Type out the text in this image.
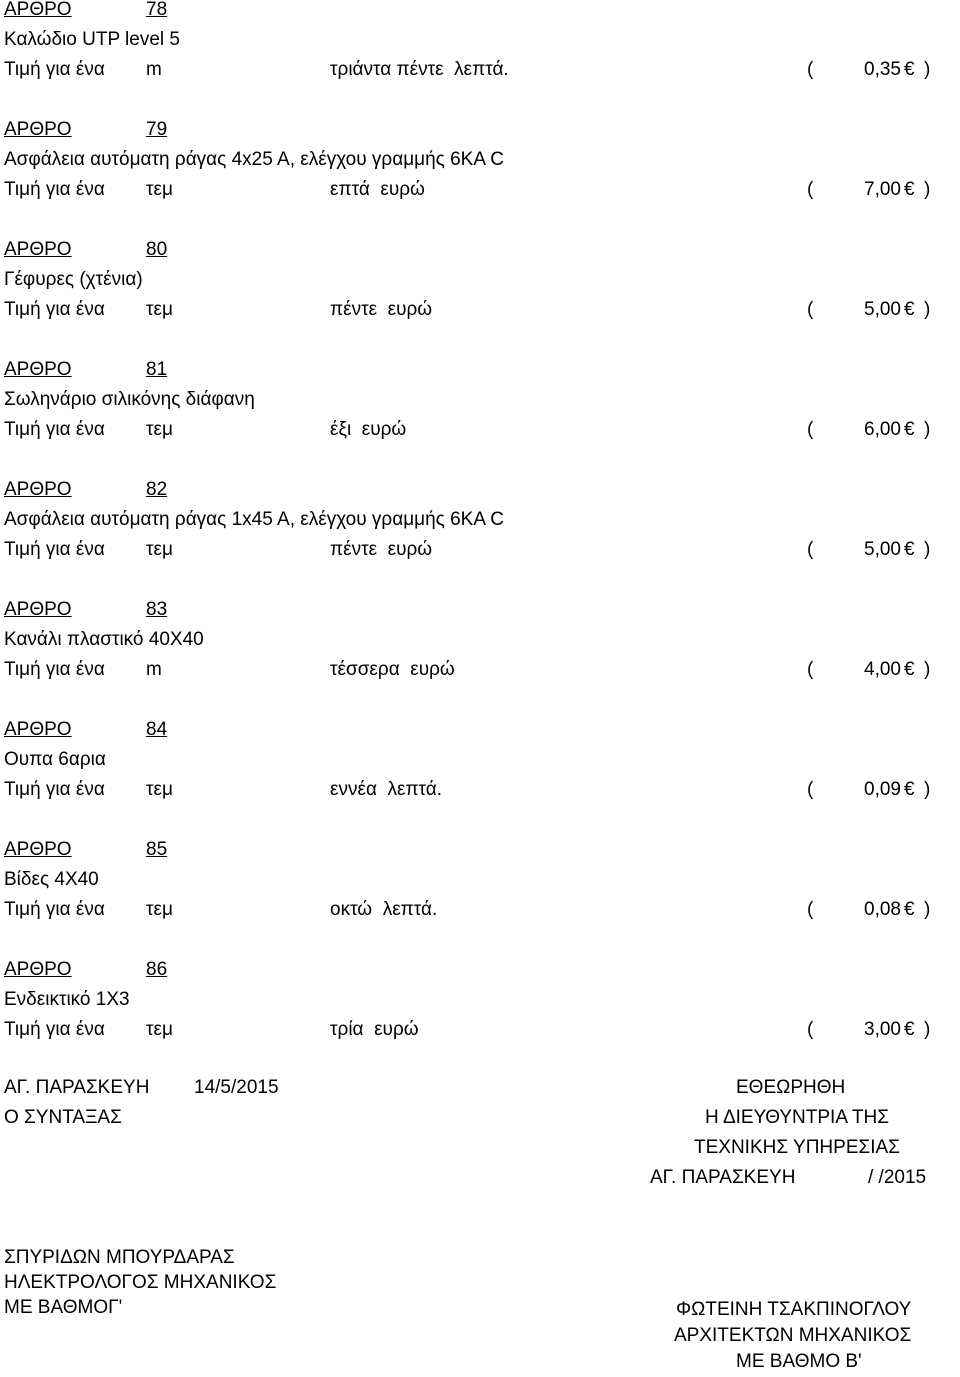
ΑΡΘΡΟ	78
Καλώδιο UTP level 5
Τιμή για ένα m	τριάντα πέντε  λεπτά.	(	0,35 € )
ΑΡΘΡΟ	79
Ασφάλεια αυτόματη ράγας 4x25 A, ελέγχου γραμμής 6KA C
Τιμή για ένα τεμ	επτά  ευρώ	(	7,00 € )
ΑΡΘΡΟ	80
Γέφυρες (χτένια)
Τιμή για ένα τεμ	πέντε  ευρώ	(	5,00 € )
ΑΡΘΡΟ	81
Σωληνάριο σιλικόνης διάφανη
Τιμή για ένα τεμ	έξι  ευρώ	(	6,00 € )
ΑΡΘΡΟ	82
Ασφάλεια αυτόματη ράγας 1x45 A, ελέγχου γραμμής 6KA C
Τιμή για ένα τεμ	πέντε  ευρώ	(	5,00 € )
ΑΡΘΡΟ	83
Κανάλι πλαστικό 40Χ40
Τιμή για ένα m	τέσσερα  ευρώ	(	4,00 € )
ΑΡΘΡΟ	84
Ουπα 6αρια
Τιμή για ένα τεμ	εννέα  λεπτά.	(	0,09 € )
ΑΡΘΡΟ	85
Βίδες 4Χ40
Τιμή για ένα τεμ	οκτώ  λεπτά.	(	0,08 € )
ΑΡΘΡΟ	86
Ενδεικτικό 1Χ3
Τιμή για ένα τεμ	τρία  ευρώ	(	3,00 € )
ΑΓ. ΠΑΡΑΣΚΕΥΗ 14/5/2015	ΕΘΕΩΡΗΘΗ
Ο ΣΥΝΤΑΞΑΣ	Η ΔΙΕΥΘΥΝΤΡΙΑ ΤΗΣ
ΤΕΧΝΙΚΗΣ ΥΠΗΡΕΣΙΑΣ
ΑΓ. ΠΑΡΑΣΚΕΥΗ	/ /2015
ΣΠΥΡΙΔΩΝ ΜΠΟΥΡΔΑΡΑΣ
ΗΛΕΚΤΡΟΛΟΓΟΣ ΜΗΧΑΝΙΚΟΣ
ΜΕ ΒΑΘΜΟΓ'	ΦΩΤΕΙΝΗ ΤΣΑΚΠΙΝΟΓΛΟΥ
ΑΡΧΙΤΕΚΤΩΝ ΜΗΧΑΝΙΚΟΣ
ΜΕ ΒΑΘΜΟ Β'
